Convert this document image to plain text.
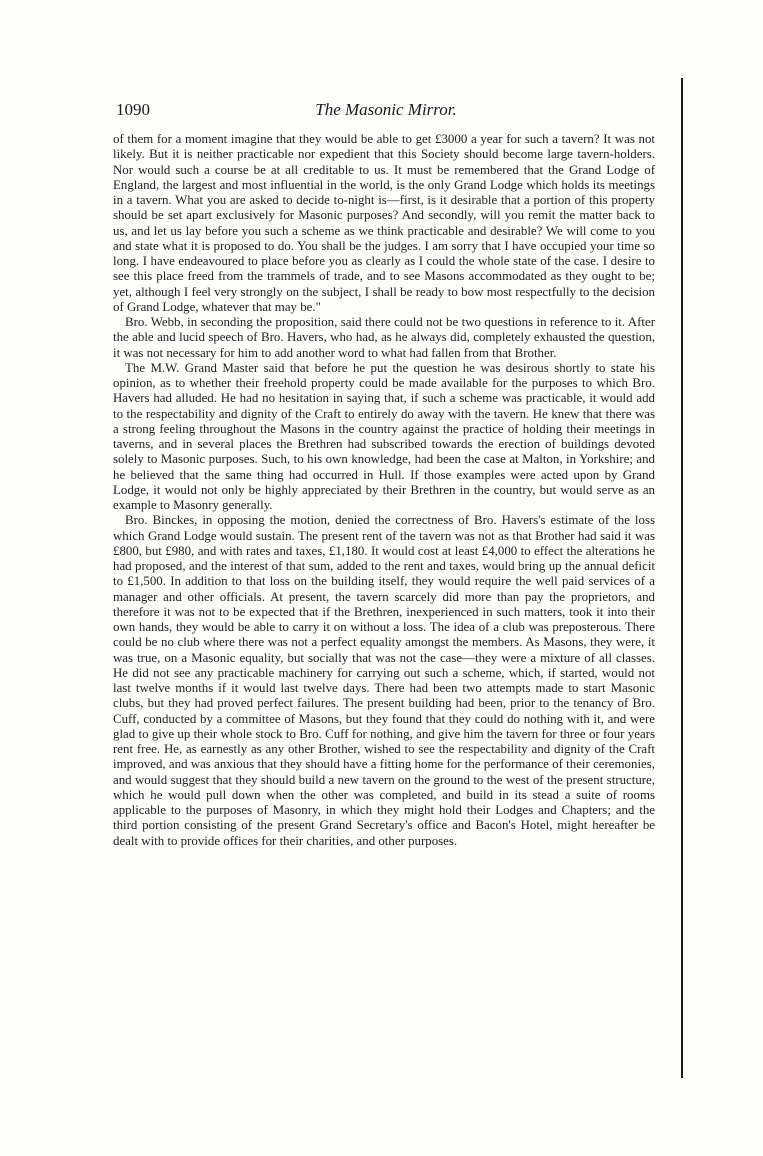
1090	The Masonic Mirror.

of them for a moment imagine that they would be able to get £3000 a year for such a tavern? It was not likely. But it is neither practicable nor expedient that this Society should become large tavern-holders. Nor would such a course be at all creditable to us. It must be remembered that the Grand Lodge of England, the largest and most influential in the world, is the only Grand Lodge which holds its meetings in a tavern. What you are asked to decide to-night is—first, is it desirable that a portion of this property should be set apart exclusively for Masonic purposes? And secondly, will you remit the matter back to us, and let us lay before you such a scheme as we think practicable and desirable? We will come to you and state what it is proposed to do. You shall be the judges. I am sorry that I have occupied your time so long. I have endeavoured to place before you as clearly as I could the whole state of the case. I desire to see this place freed from the trammels of trade, and to see Masons accommodated as they ought to be; yet, although I feel very strongly on the subject, I shall be ready to bow most respectfully to the decision of Grand Lodge, whatever that may be."

Bro. Webb, in seconding the proposition, said there could not be two questions in reference to it. After the able and lucid speech of Bro. Havers, who had, as he always did, completely exhausted the question, it was not necessary for him to add another word to what had fallen from that Brother.

The M.W. Grand Master said that before he put the question he was desirous shortly to state his opinion, as to whether their freehold property could be made available for the purposes to which Bro. Havers had alluded. He had no hesitation in saying that, if such a scheme was practicable, it would add to the respectability and dignity of the Craft to entirely do away with the tavern. He knew that there was a strong feeling throughout the Masons in the country against the practice of holding their meetings in taverns, and in several places the Brethren had subscribed towards the erection of buildings devoted solely to Masonic purposes. Such, to his own knowledge, had been the case at Malton, in Yorkshire; and he believed that the same thing had occurred in Hull. If those examples were acted upon by Grand Lodge, it would not only be highly appreciated by their Brethren in the country, but would serve as an example to Masonry generally.

Bro. Binckes, in opposing the motion, denied the correctness of Bro. Havers's estimate of the loss which Grand Lodge would sustain. The present rent of the tavern was not as that Brother had said it was £800, but £980, and with rates and taxes, £1,180. It would cost at least £4,000 to effect the alterations he had proposed, and the interest of that sum, added to the rent and taxes, would bring up the annual deficit to £1,500. In addition to that loss on the building itself, they would require the well paid services of a manager and other officials. At present, the tavern scarcely did more than pay the proprietors, and therefore it was not to be expected that if the Brethren, inexperienced in such matters, took it into their own hands, they would be able to carry it on without a loss. The idea of a club was preposterous. There could be no club where there was not a perfect equality amongst the members. As Masons, they were, it was true, on a Masonic equality, but socially that was not the case—they were a mixture of all classes. He did not see any practicable machinery for carrying out such a scheme, which, if started, would not last twelve months if it would last twelve days. There had been two attempts made to start Masonic clubs, but they had proved perfect failures. The present building had been, prior to the tenancy of Bro. Cuff, conducted by a committee of Masons, but they found that they could do nothing with it, and were glad to give up their whole stock to Bro. Cuff for nothing, and give him the tavern for three or four years rent free. He, as earnestly as any other Brother, wished to see the respectability and dignity of the Craft improved, and was anxious that they should have a fitting home for the performance of their ceremonies, and would suggest that they should build a new tavern on the ground to the west of the present structure, which he would pull down when the other was completed, and build in its stead a suite of rooms applicable to the purposes of Masonry, in which they might hold their Lodges and Chapters; and the third portion consisting of the present Grand Secretary's office and Bacon's Hotel, might hereafter be dealt with to provide offices for their charities, and other purposes.
